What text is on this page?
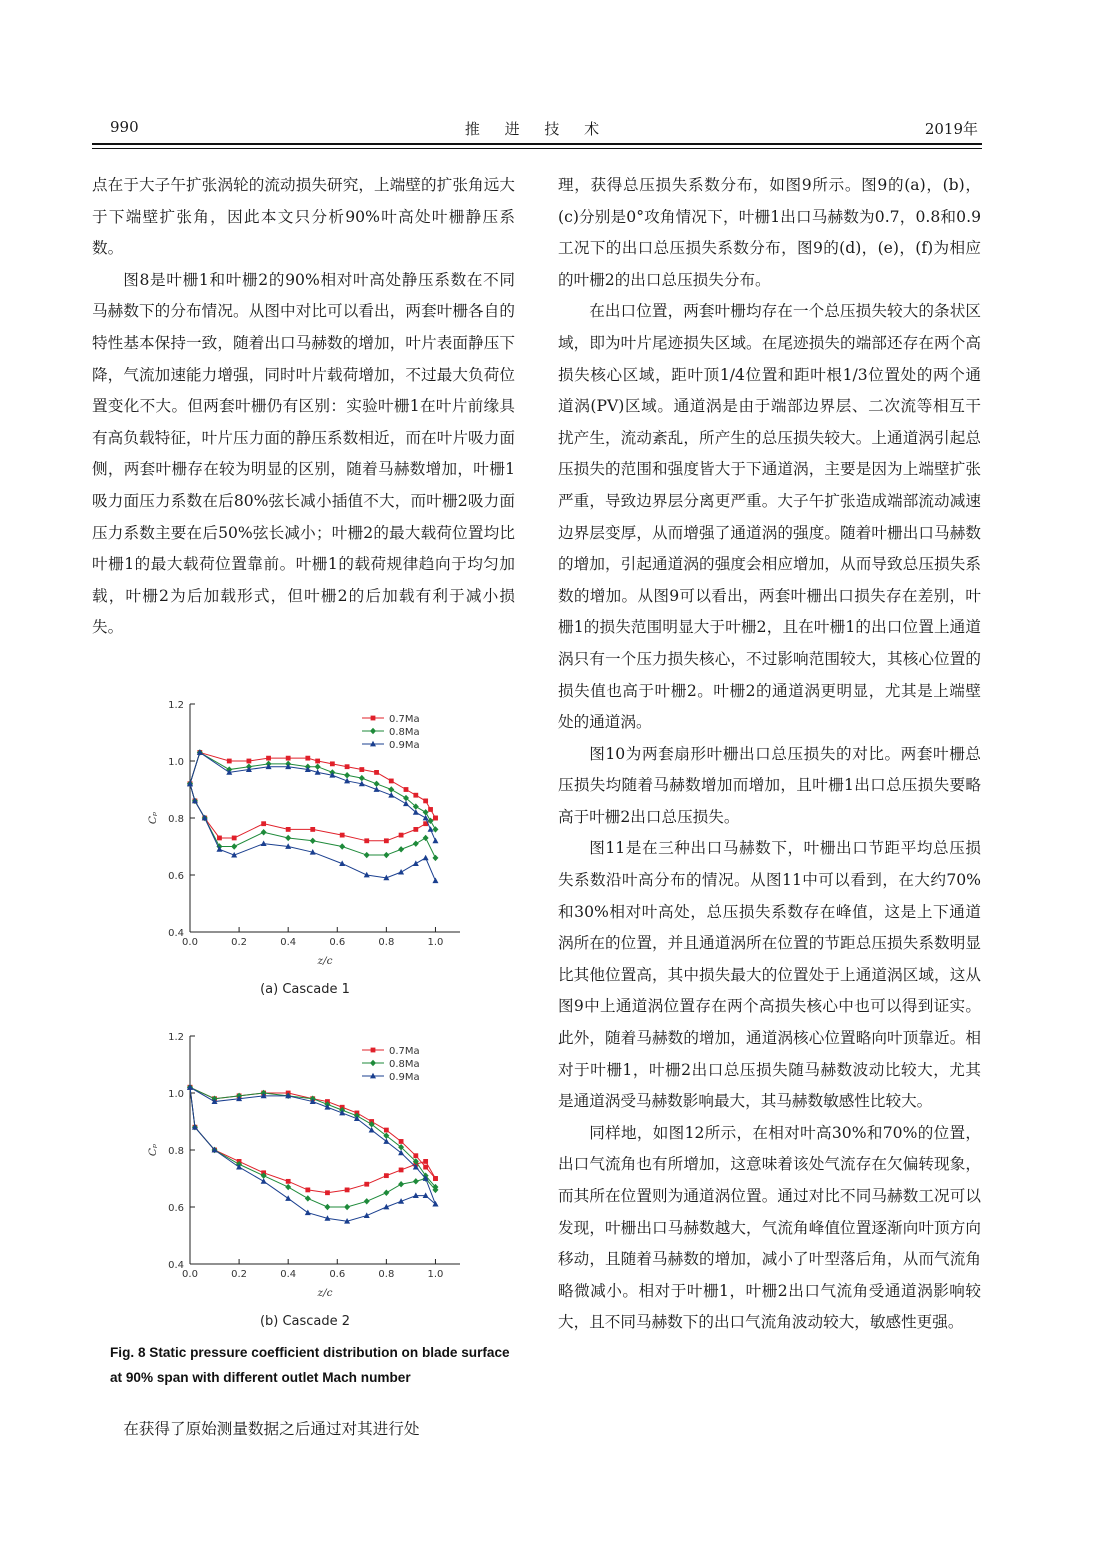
990	推 进 技 术	2019年

点在于大子午扩张涡轮的流动损失研究，上端壁的扩张角远大于下端壁扩张角，因此本文只分析90%叶高处叶栅静压系数。

图8是叶栅1和叶栅2的90%相对叶高处静压系数在不同马赫数下的分布情况。从图中对比可以看出，两套叶栅各自的特性基本保持一致，随着出口马赫数的增加，叶片表面静压下降，气流加速能力增强，同时叶片载荷增加，不过最大负荷位置变化不大。但两套叶栅仍有区别：实验叶栅1在叶片前缘具有高负载特征，叶片压力面的静压系数相近，而在叶片吸力面侧，两套叶栅存在较为明显的区别，随着马赫数增加，叶栅1吸力面压力系数在后80%弦长减小插值不大，而叶栅2吸力面压力系数主要在后50%弦长减小；叶栅2的最大载荷位置均比叶栅1的最大载荷位置靠前。叶栅1的载荷规律趋向于均匀加载，叶栅2为后加载形式，但叶栅2的后加载有利于减小损失。

0.4
0.6
0.8
1.0
1.2
0.0	0.2	0.4	0.6	0.8	1.0
z/c
Cₚ
0.7Ma
0.8Ma
0.9Ma
(a) Cascade 1
0.4
0.6
0.8
1.0
1.2
0.0	0.2	0.4	0.6	0.8	1.0
z/c
Cₚ
0.7Ma
0.8Ma
0.9Ma
(b) Cascade 2
Fig. 8 Static pressure coefficient distribution on blade surface at 90% span with different outlet Mach number

在获得了原始测量数据之后通过对其进行处

理，获得总压损失系数分布，如图9所示。图9的(a)，(b)，(c)分别是0°攻角情况下，叶栅1出口马赫数为0.7，0.8和0.9工况下的出口总压损失系数分布，图9的(d)，(e)，(f)为相应的叶栅2的出口总压损失分布。

在出口位置，两套叶栅均存在一个总压损失较大的条状区域，即为叶片尾迹损失区域。在尾迹损失的端部还存在两个高损失核心区域，距叶顶1/4位置和距叶根1/3位置处的两个通道涡(PV)区域。通道涡是由于端部边界层、二次流等相互干扰产生，流动紊乱，所产生的总压损失较大。上通道涡引起总压损失的范围和强度皆大于下通道涡，主要是因为上端壁扩张严重，导致边界层分离更严重。大子午扩张造成端部流动减速边界层变厚，从而增强了通道涡的强度。随着叶栅出口马赫数的增加，引起通道涡的强度会相应增加，从而导致总压损失系数的增加。从图9可以看出，两套叶栅出口损失存在差别，叶栅1的损失范围明显大于叶栅2，且在叶栅1的出口位置上通道涡只有一个压力损失核心，不过影响范围较大，其核心位置的损失值也高于叶栅2。叶栅2的通道涡更明显，尤其是上端壁处的通道涡。

图10为两套扇形叶栅出口总压损失的对比。两套叶栅总压损失均随着马赫数增加而增加，且叶栅1出口总压损失要略高于叶栅2出口总压损失。

图11是在三种出口马赫数下，叶栅出口节距平均总压损失系数沿叶高分布的情况。从图11中可以看到，在大约70%和30%相对叶高处，总压损失系数存在峰值，这是上下通道涡所在的位置，并且通道涡所在位置的节距总压损失系数明显比其他位置高，其中损失最大的位置处于上通道涡区域，这从图9中上通道涡位置存在两个高损失核心中也可以得到证实。此外，随着马赫数的增加，通道涡核心位置略向叶顶靠近。相对于叶栅1，叶栅2出口总压损失随马赫数波动比较大，尤其是通道涡受马赫数影响最大，其马赫数敏感性比较大。

同样地，如图12所示，在相对叶高30%和70%的位置，出口气流角也有所增加，这意味着该处气流存在欠偏转现象，而其所在位置则为通道涡位置。通过对比不同马赫数工况可以发现，叶栅出口马赫数越大，气流角峰值位置逐渐向叶顶方向移动，且随着马赫数的增加，减小了叶型落后角，从而气流角略微减小。相对于叶栅1，叶栅2出口气流角受通道涡影响较大，且不同马赫数下的出口气流角波动较大，敏感性更强。
